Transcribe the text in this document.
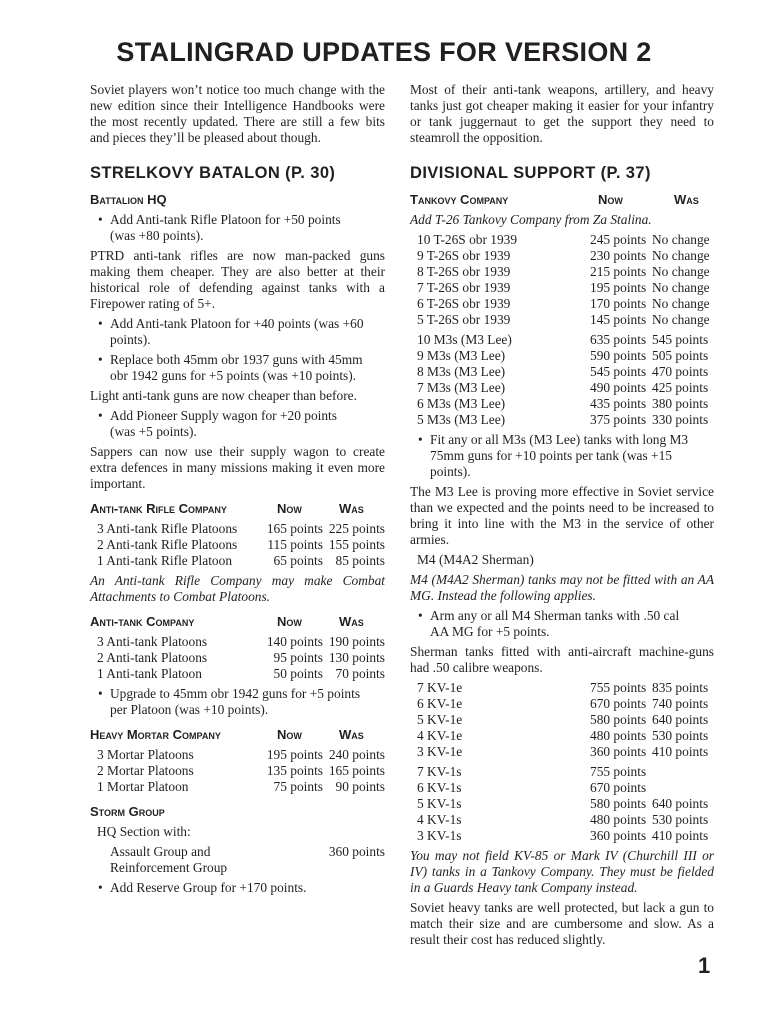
STALINGRAD UPDATES FOR VERSION 2
Soviet players won’t notice too much change with the new edition since their Intelligence Handbooks were the most recently updated. There are still a few bits and pieces they’ll be pleased about though.
STRELKOVY BATALON (P. 30)
Battalion HQ
• Add Anti-tank Rifle Platoon for +50 points (was +80 points).
PTRD anti-tank rifles are now man-packed guns making them cheaper. They are also better at their historical role of defending against tanks with a Firepower rating of 5+.
• Add Anti-tank Platoon for +40 points (was +60 points).
• Replace both 45mm obr 1937 guns with 45mm obr 1942 guns for +5 points (was +10 points).
Light anti-tank guns are now cheaper than before.
• Add Pioneer Supply wagon for +20 points (was +5 points).
Sappers can now use their supply wagon to create extra defences in many missions making it even more important.
Anti-tank Rifle Company	Now	Was
3 Anti-tank Rifle Platoons	165 points 225 points
2 Anti-tank Rifle Platoons	115 points 155 points
1 Anti-tank Rifle Platoon	65 points 85 points
An Anti-tank Rifle Company may make Combat Attachments to Combat Platoons.
Anti-tank Company	Now	Was
3 Anti-tank Platoons	140 points 190 points
2 Anti-tank Platoons	95 points 130 points
1 Anti-tank Platoon	50 points 70 points
• Upgrade to 45mm obr 1942 guns for +5 points per Platoon (was +10 points).
Heavy Mortar Company	Now	Was
3 Mortar Platoons	195 points 240 points
2 Mortar Platoons	135 points 165 points
1 Mortar Platoon	75 points 90 points
Storm Group
HQ Section with:
Assault Group and Reinforcement Group
360 points
• Add Reserve Group for +170 points.
Most of their anti-tank weapons, artillery, and heavy tanks just got cheaper making it easier for your infantry or tank juggernaut to get the support they need to steamroll the opposition.
DIVISIONAL SUPPORT (P. 37)
Tankovy Company	Now	Was
Add T-26 Tankovy Company from Za Stalina.
10 T-26S obr 1939	245 points No change
9 T-26S obr 1939	230 points No change
8 T-26S obr 1939	215 points No change
7 T-26S obr 1939	195 points No change
6 T-26S obr 1939	170 points No change
5 T-26S obr 1939	145 points No change
10 M3s (M3 Lee)	635 points 545 points
9 M3s (M3 Lee)	590 points 505 points
8 M3s (M3 Lee)	545 points 470 points
7 M3s (M3 Lee)	490 points 425 points
6 M3s (M3 Lee)	435 points 380 points
5 M3s (M3 Lee)	375 points 330 points
• Fit any or all M3s (M3 Lee) tanks with long M3 75mm guns for +10 points per tank (was +15 points).
The M3 Lee is proving more effective in Soviet service than we expected and the points need to be increased to bring it into line with the M3 in the service of other armies.
M4 (M4A2 Sherman)
M4 (M4A2 Sherman) tanks may not be fitted with an AA MG. Instead the following applies.
• Arm any or all M4 Sherman tanks with .50 cal AA MG for +5 points.
Sherman tanks fitted with anti-aircraft machine-guns had .50 calibre weapons.
7 KV-1e	755 points 835 points
6 KV-1e	670 points 740 points
5 KV-1e	580 points 640 points
4 KV-1e	480 points 530 points
3 KV-1e	360 points 410 points
7 KV-1s	755 points
6 KV-1s	670 points
5 KV-1s	580 points 640 points
4 KV-1s	480 points 530 points
3 KV-1s	360 points 410 points
You may not field KV-85 or Mark IV (Churchill III or IV) tanks in a Tankovy Company. They must be fielded in a Guards Heavy tank Company instead.
Soviet heavy tanks are well protected, but lack a gun to match their size and are cumbersome and slow. As a result their cost has reduced slightly.
1
